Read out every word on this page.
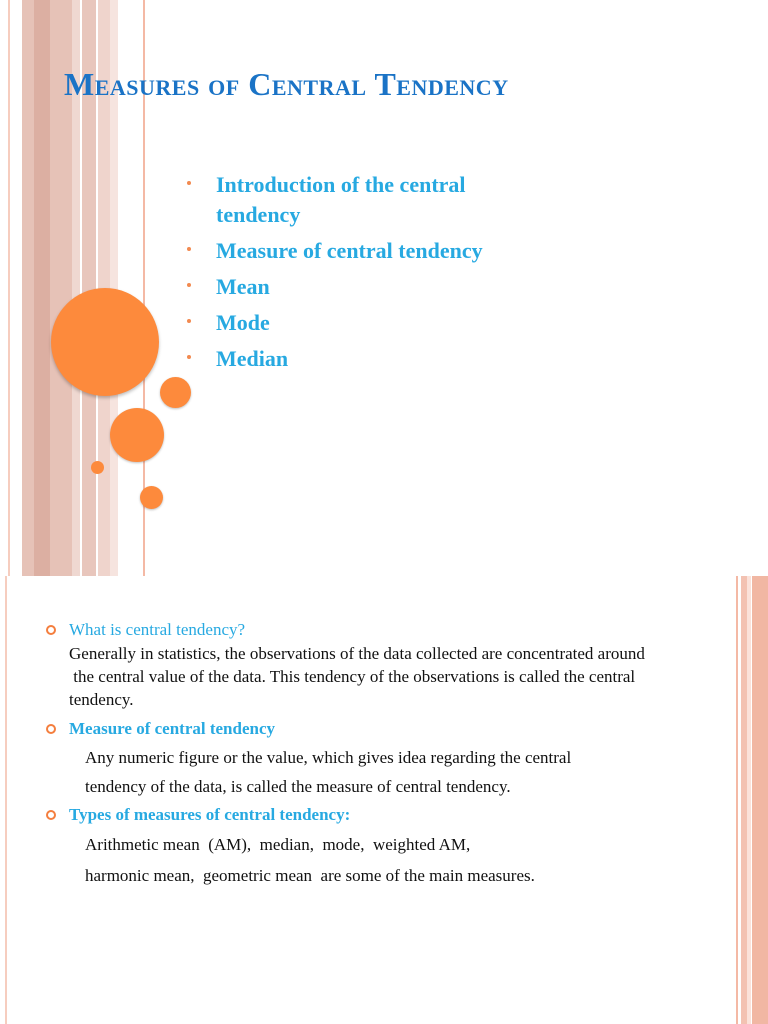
Measures of Central Tendency
Introduction of the central tendency
Measure of central tendency
Mean
Mode
Median
What is central tendency?
Generally in statistics, the observations of the data collected are concentrated around
the central value of the data. This tendency of the observations is called the central
tendency.
Measure of central tendency
Any numeric figure or the value, which gives idea regarding the central
tendency of the data, is called the measure of central tendency.
Types of measures of central tendency:
Arithmetic mean  (AM),  median,  mode,  weighted AM,
harmonic mean,  geometric mean  are some of the main measures.
